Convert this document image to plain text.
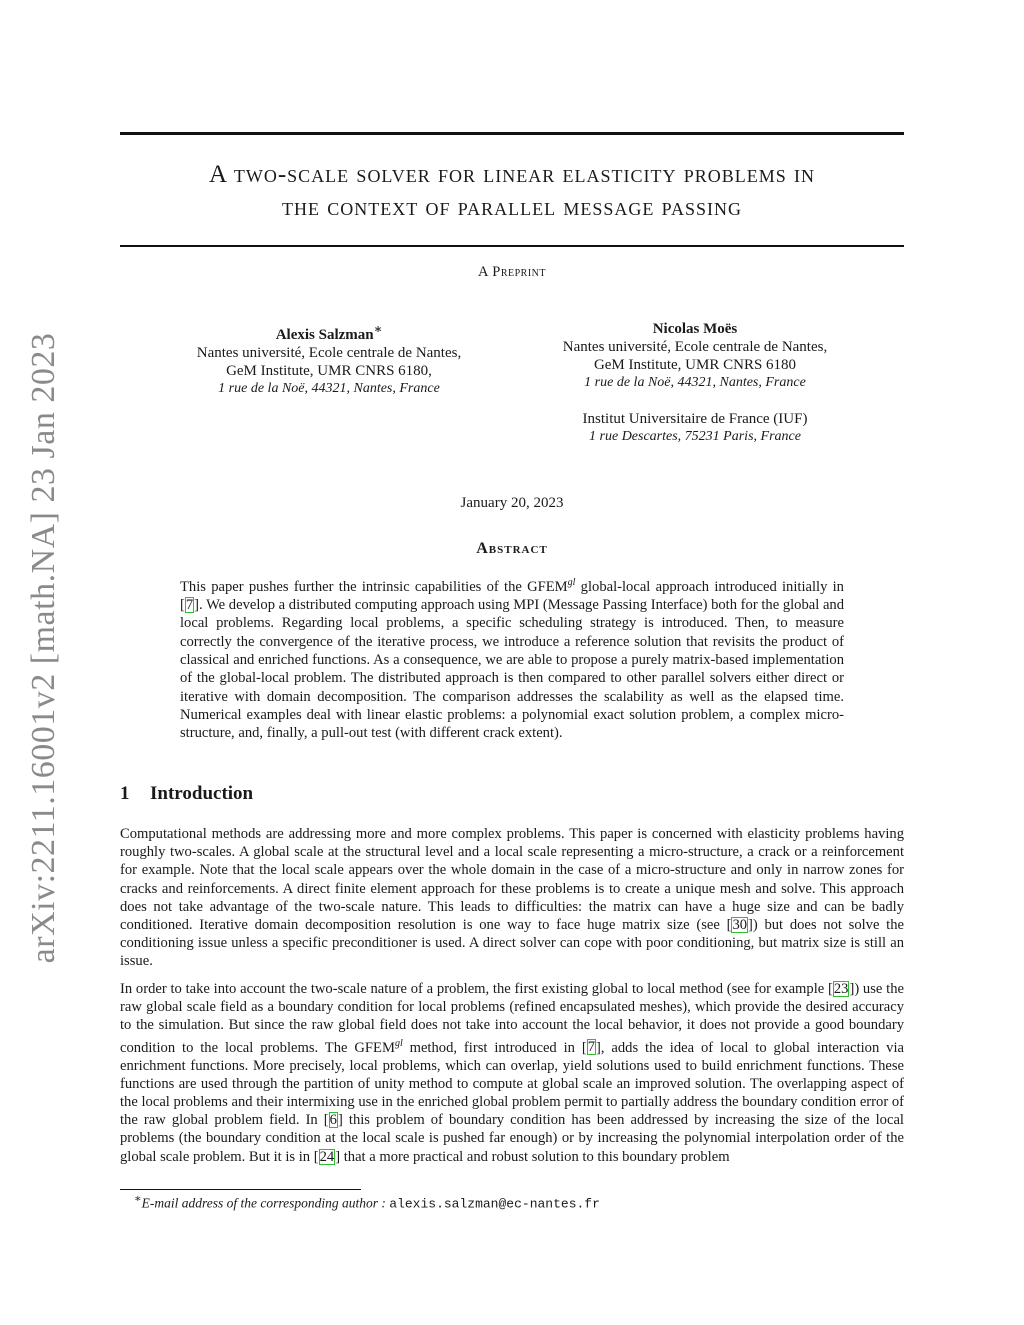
arXiv:2211.16001v2 [math.NA] 23 Jan 2023
A two-scale solver for linear elasticity problems in
the context of parallel message passing
A Preprint
Alexis Salzman∗
Nantes université, Ecole centrale de Nantes,
GeM Institute, UMR CNRS 6180,
1 rue de la Noë, 44321, Nantes, France
Nicolas Moës
Nantes université, Ecole centrale de Nantes,
GeM Institute, UMR CNRS 6180
1 rue de la Noë, 44321, Nantes, France
Institut Universitaire de France (IUF)
1 rue Descartes, 75231 Paris, France
January 20, 2023
Abstract

This paper pushes further the intrinsic capabilities of the $GFEM^{gl}$ global-local approach introduced initially in [7]. We develop a distributed computing approach using MPI (Message Passing Interface) both for the global and local problems. Regarding local problems, a specific scheduling strategy is introduced. Then, to measure correctly the convergence of the iterative process, we introduce a reference solution that revisits the product of classical and enriched functions. As a consequence, we are able to propose a purely matrix-based implementation of the global-local problem. The distributed approach is then compared to other parallel solvers either direct or iterative with domain decomposition. The comparison addresses the scalability as well as the elapsed time. Numerical examples deal with linear elastic problems: a polynomial exact solution problem, a complex micro-structure, and, finally, a pull-out test (with different crack extent).

1 Introduction

Computational methods are addressing more and more complex problems. This paper is concerned with elasticity problems having roughly two-scales. A global scale at the structural level and a local scale representing a micro-structure, a crack or a reinforcement for example. Note that the local scale appears over the whole domain in the case of a micro-structure and only in narrow zones for cracks and reinforcements. A direct finite element approach for these problems is to create a unique mesh and solve. This approach does not take advantage of the two-scale nature. This leads to difficulties: the matrix can have a huge size and can be badly conditioned. Iterative domain decomposition resolution is one way to face huge matrix size (see [30]) but does not solve the conditioning issue unless a specific preconditioner is used. A direct solver can cope with poor conditioning, but matrix size is still an issue.

In order to take into account the two-scale nature of a problem, the first existing global to local method (see for example [23]) use the raw global scale field as a boundary condition for local problems (refined encapsulated meshes), which provide the desired accuracy to the simulation. But since the raw global field does not take into account the local behavior, it does not provide a good boundary condition to the local problems. The $GFEM^{gl}$ method, first introduced in [7], adds the idea of local to global interaction via enrichment functions. More precisely, local problems, which can overlap, yield solutions used to build enrichment functions. These functions are used through the partition of unity method to compute at global scale an improved solution. The overlapping aspect of the local problems and their intermixing use in the enriched global problem permit to partially address the boundary condition error of the raw global problem field. In [6] this problem of boundary condition has been addressed by increasing the size of the local problems (the boundary condition at the local scale is pushed far enough) or by increasing the polynomial interpolation order of the global scale problem. But it is in [24] that a more practical and robust solution to this boundary problem

∗E-mail address of the corresponding author : alexis.salzman@ec-nantes.fr
